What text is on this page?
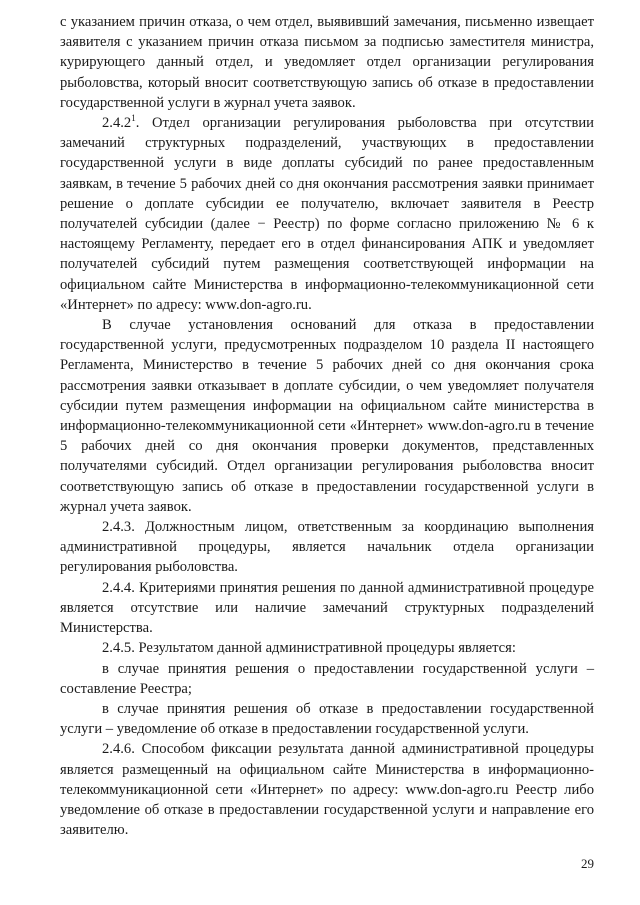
с указанием причин отказа, о чем отдел, выявивший замечания, письменно извещает заявителя с указанием причин отказа письмом за подписью заместителя министра, курирующего данный отдел, и уведомляет отдел организации регулирования рыболовства, который вносит соответствующую запись об отказе в предоставлении государственной услуги в журнал учета заявок.

2.4.2$^1$. Отдел организации регулирования рыболовства при отсутствии замечаний структурных подразделений, участвующих в предоставлении государственной услуги в виде доплаты субсидий по ранее предоставленным заявкам, в течение 5 рабочих дней со дня окончания рассмотрения заявки принимает решение о доплате субсидии ее получателю, включает заявителя в Реестр получателей субсидии (далее − Реестр) по форме согласно приложению № 6 к настоящему Регламенту, передает его в отдел финансирования АПК и уведомляет получателей субсидий путем размещения соответствующей информации на официальном сайте Министерства в информационно-телекоммуникационной сети «Интернет» по адресу: www.don-agro.ru.

В случае установления оснований для отказа в предоставлении государственной услуги, предусмотренных подразделом 10 раздела II настоящего Регламента, Министерство в течение 5 рабочих дней со дня окончания срока рассмотрения заявки отказывает в доплате субсидии, о чем уведомляет получателя субсидии путем размещения информации на официальном сайте министерства в информационно-телекоммуникационной сети «Интернет» www.don-agro.ru в течение 5 рабочих дней со дня окончания проверки документов, представленных получателями субсидий. Отдел организации регулирования рыболовства вносит соответствующую запись об отказе в предоставлении государственной услуги в журнал учета заявок.

2.4.3. Должностным лицом, ответственным за координацию выполнения административной процедуры, является начальник отдела организации регулирования рыболовства.

2.4.4. Критериями принятия решения по данной административной процедуре является отсутствие или наличие замечаний структурных подразделений Министерства.

2.4.5. Результатом данной административной процедуры является:

в случае принятия решения о предоставлении государственной услуги – составление Реестра;

в случае принятия решения об отказе в предоставлении государственной услуги – уведомление об отказе в предоставлении государственной услуги.

2.4.6. Способом фиксации результата данной административной процедуры является размещенный на официальном сайте Министерства в информационно-телекоммуникационной сети «Интернет» по адресу: www.don-agro.ru Реестр либо уведомление об отказе в предоставлении государственной услуги и направление его заявителю.

29
